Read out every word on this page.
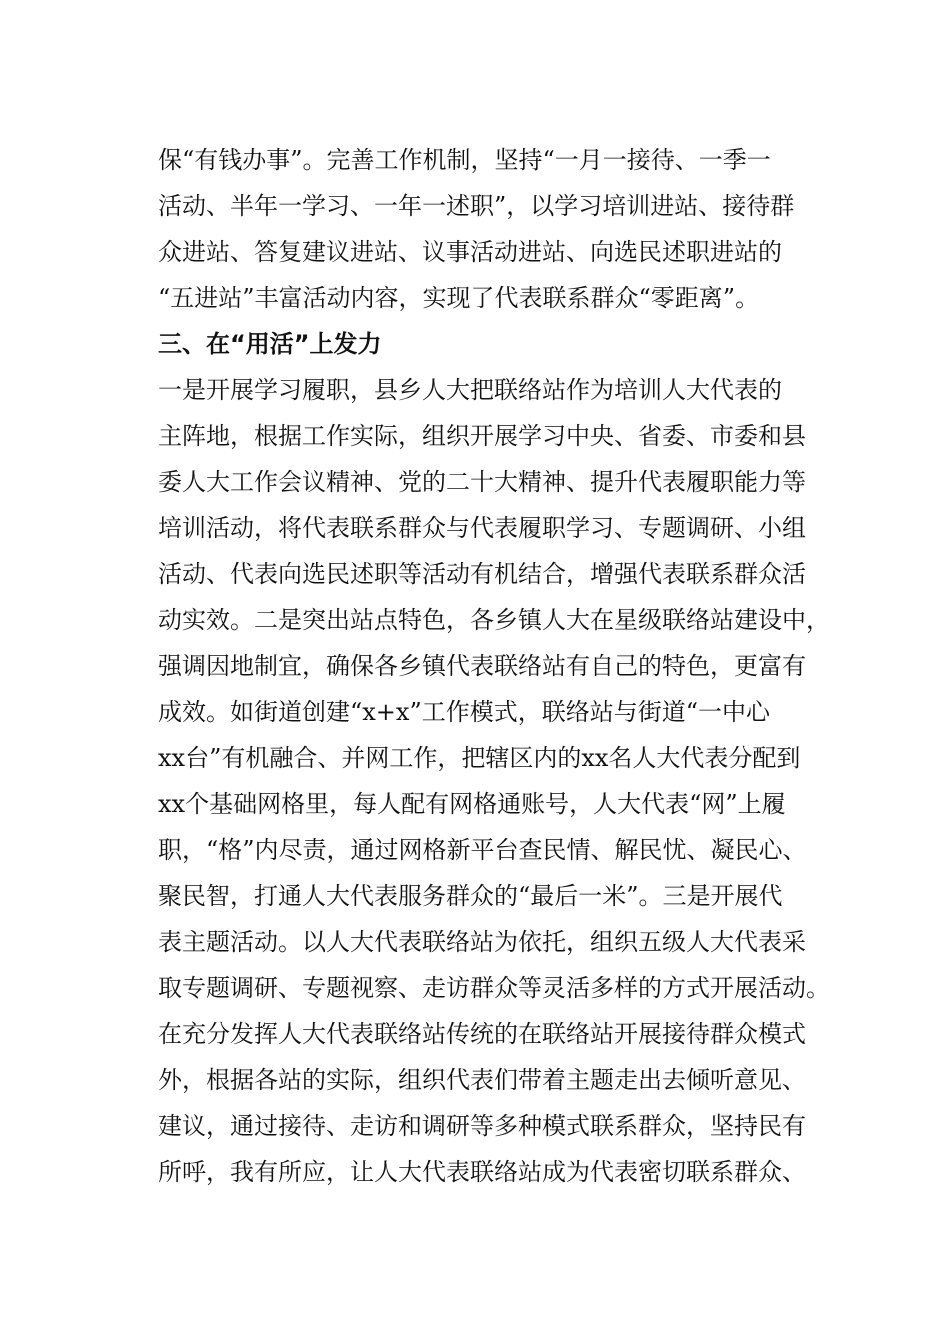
保“有钱办事”。完善工作机制，坚持“一月一接待、一季一
活动、半年一学习、一年一述职”，以学习培训进站、接待群
众进站、答复建议进站、议事活动进站、向选民述职进站的
“五进站”丰富活动内容，实现了代表联系群众“零距离”。
三、在“用活”上发力
一是开展学习履职，县乡人大把联络站作为培训人大代表的
主阵地，根据工作实际，组织开展学习中央、省委、市委和县
委人大工作会议精神、党的二十大精神、提升代表履职能力等
培训活动，将代表联系群众与代表履职学习、专题调研、小组
活动、代表向选民述职等活动有机结合，增强代表联系群众活
动实效。二是突出站点特色，各乡镇人大在星级联络站建设中，
强调因地制宜，确保各乡镇代表联络站有自己的特色，更富有
成效。如街道创建“x+x”工作模式，联络站与街道“一中心
xx台”有机融合、并网工作，把辖区内的xx名人大代表分配到
xx个基础网格里，每人配有网格通账号，人大代表“网”上履
职，“格”内尽责，通过网格新平台查民情、解民忧、凝民心、
聚民智，打通人大代表服务群众的“最后一米”。三是开展代
表主题活动。以人大代表联络站为依托，组织五级人大代表采
取专题调研、专题视察、走访群众等灵活多样的方式开展活动。
在充分发挥人大代表联络站传统的在联络站开展接待群众模式
外，根据各站的实际，组织代表们带着主题走出去倾听意见、
建议，通过接待、走访和调研等多种模式联系群众，坚持民有
所呼，我有所应，让人大代表联络站成为代表密切联系群众、
